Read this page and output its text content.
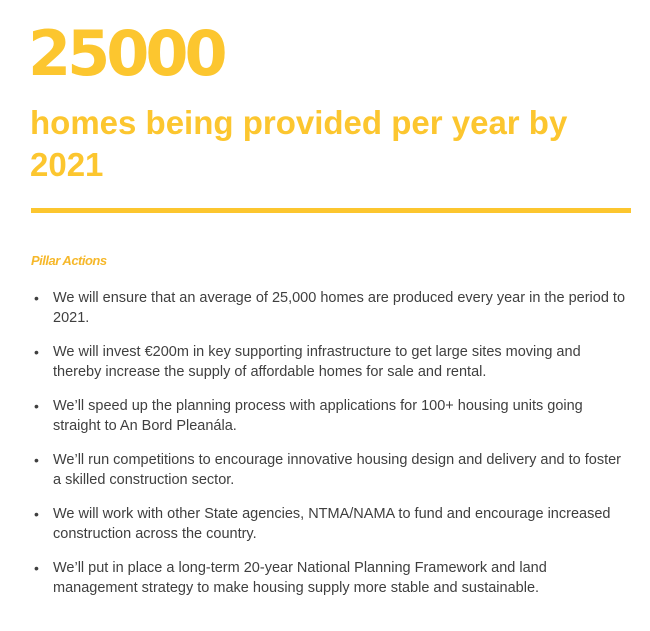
25000
homes being provided per year by 2021
Pillar Actions
• We will ensure that an average of 25,000 homes are produced every year in the period to 2021.
• We will invest €200m in key supporting infrastructure to get large sites moving and thereby increase the supply of affordable homes for sale and rental.
• We’ll speed up the planning process with applications for 100+ housing units going straight to An Bord Pleanála.
• We’ll run competitions to encourage innovative housing design and delivery and to foster a skilled construction sector.
• We will work with other State agencies, NTMA/NAMA to fund and encourage increased construction across the country.
• We’ll put in place a long-term 20-year National Planning Framework and land management strategy to make housing supply more stable and sustainable.
